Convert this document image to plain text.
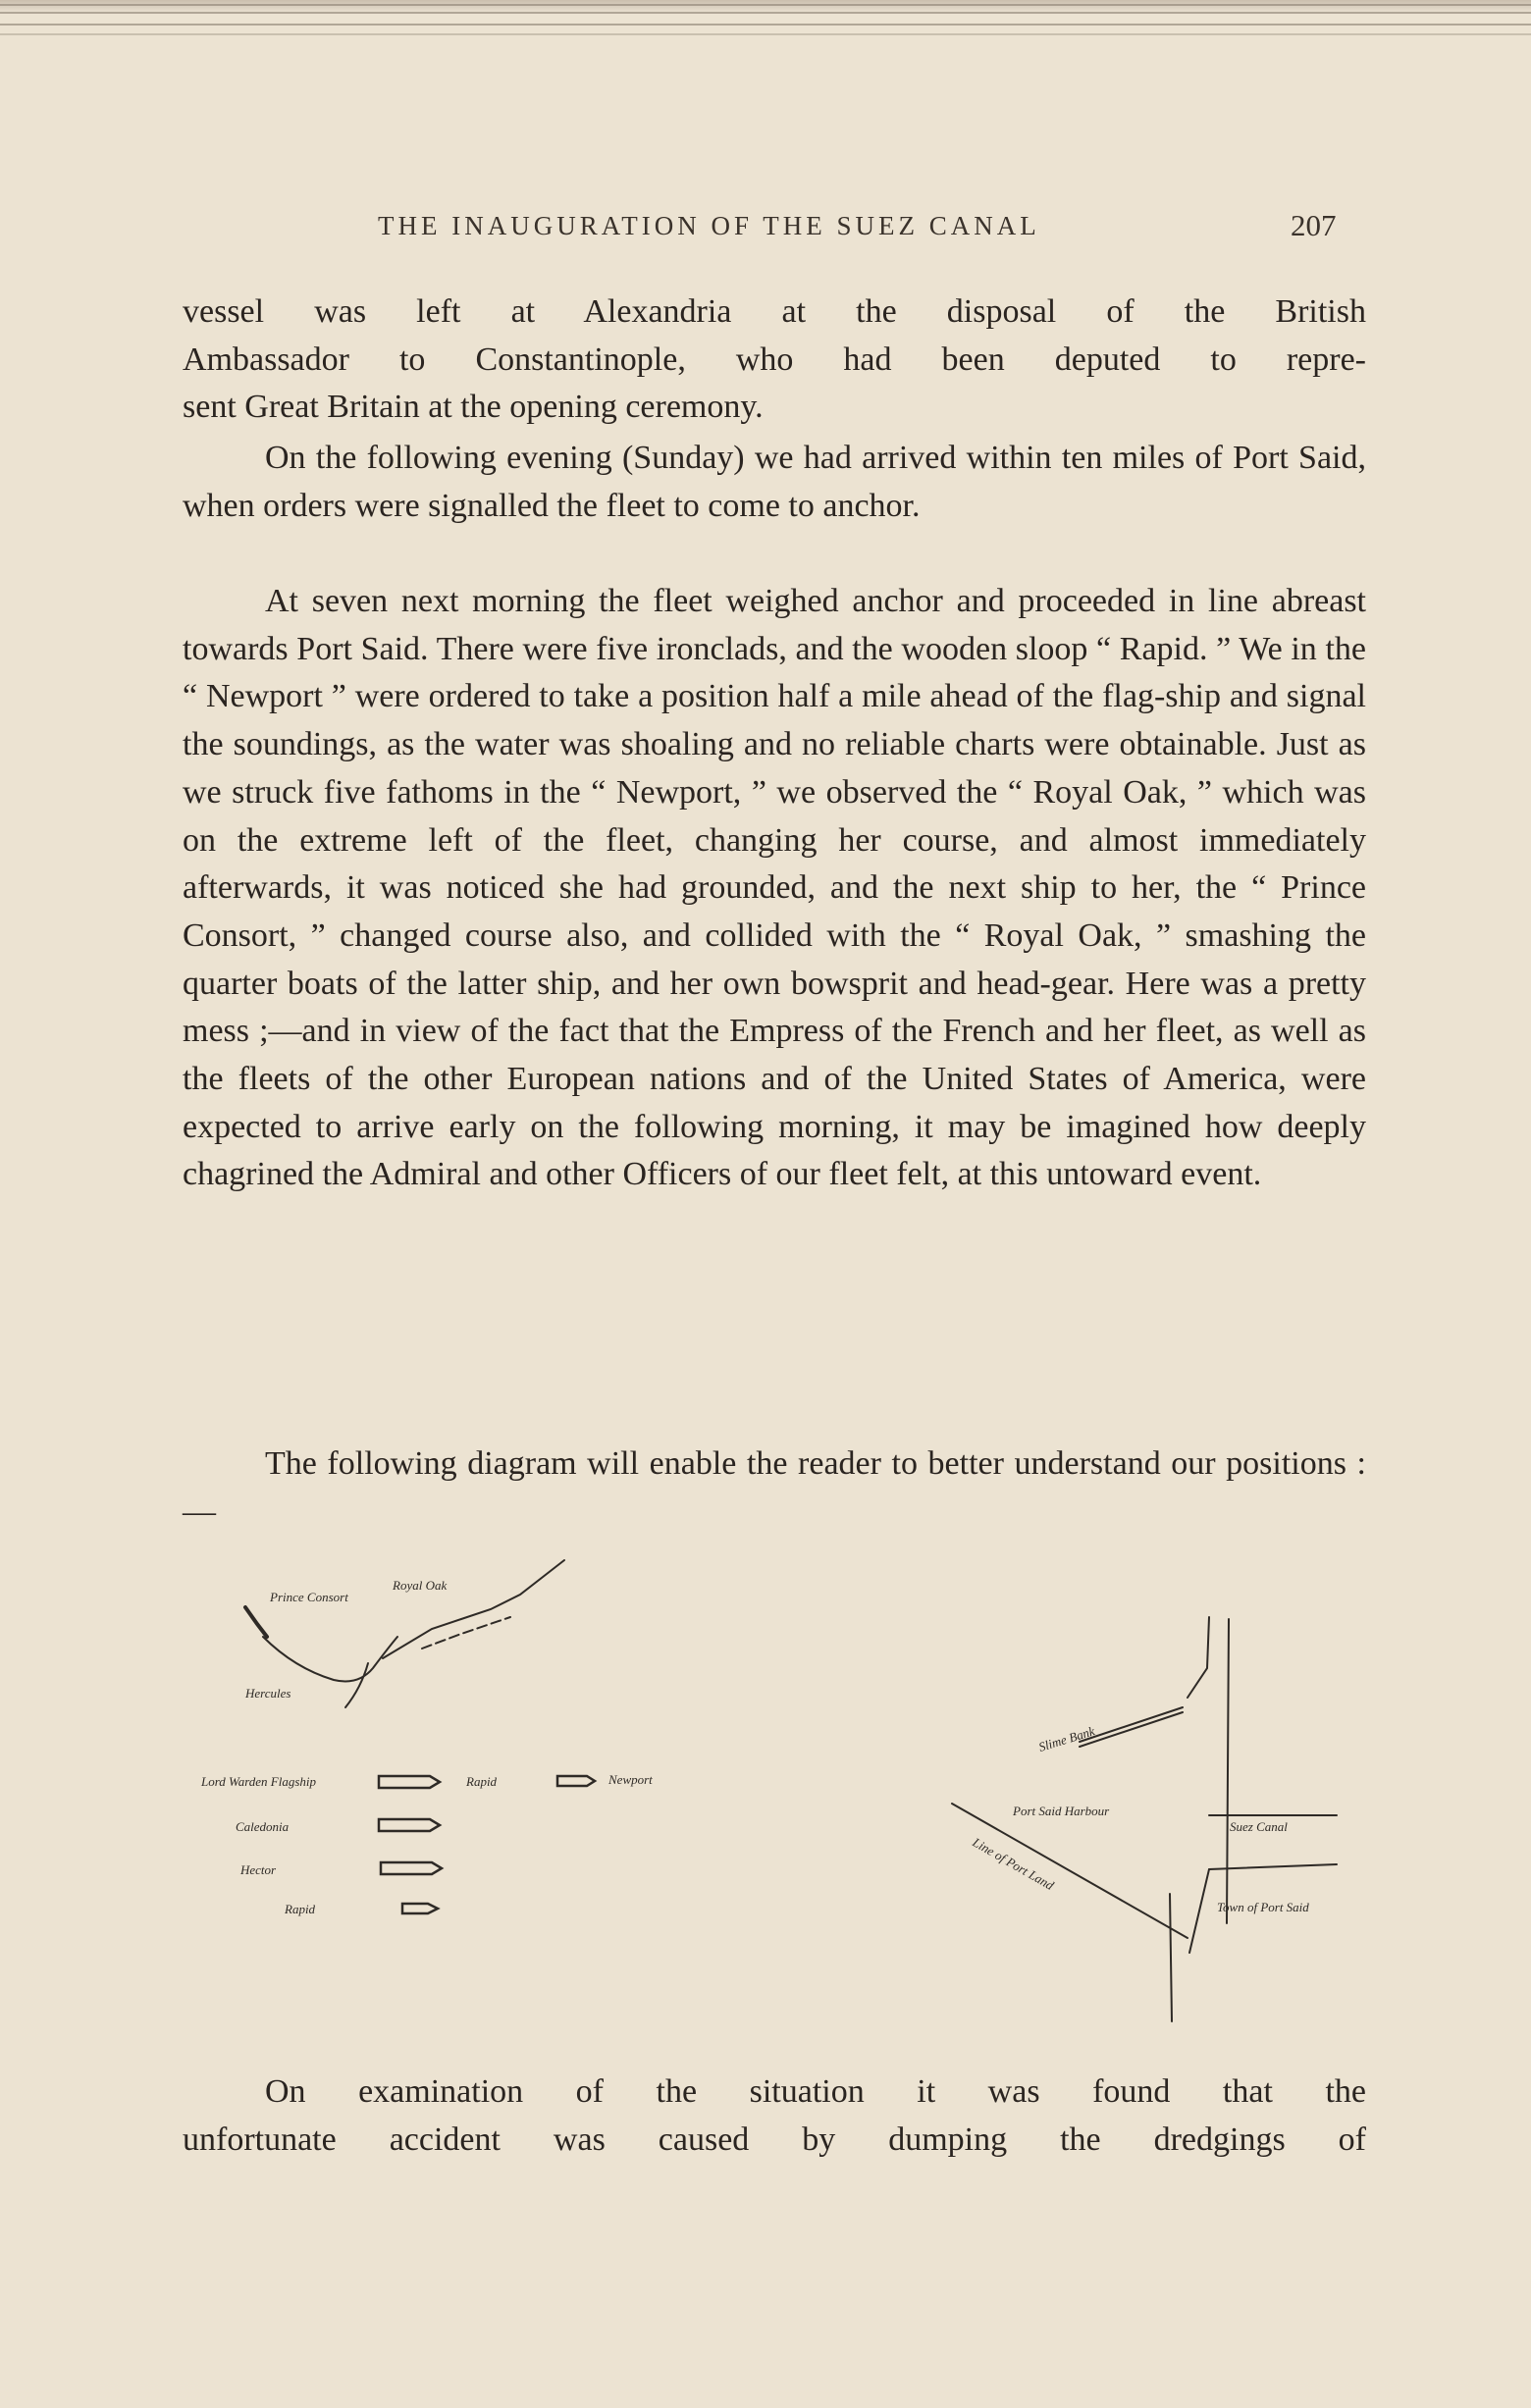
THE INAUGURATION OF THE SUEZ CANAL	207

vessel was left at Alexandria at the disposal of the British

Ambassador to Constantinople, who had been deputed to repre-

sent Great Britain at the opening ceremony.

On the following evening (Sunday) we had arrived within ten miles of Port Said, when orders were signalled the fleet to come to anchor.

At seven next morning the fleet weighed anchor and proceeded in line abreast towards Port Said. There were five ironclads, and the wooden sloop “ Rapid. ” We in the “ Newport ” were ordered to take a position half a mile ahead of the flag-ship and signal the soundings, as the water was shoaling and no reliable charts were obtainable. Just as we struck five fathoms in the “ Newport, ” we observed the “ Royal Oak, ” which was on the extreme left of the fleet, changing her course, and almost immediately afterwards, it was noticed she had grounded, and the next ship to her, the “ Prince Consort, ” changed course also, and collided with the “ Royal Oak, ” smashing the quarter boats of the latter ship, and her own bowsprit and head-gear. Here was a pretty mess ;—and in view of the fact that the Empress of the French and her fleet, as well as the fleets of the other European nations and of the United States of America, were expected to arrive early on the following morning, it may be imagined how deeply chagrined the Admiral and other Officers of our fleet felt, at this untoward event.

The following diagram will enable the reader to better understand our positions :—

Prince Consort
Royal Oak
Hercules
Lord Warden Flagship	Rapid	Newport
Caledonia
Hector
Rapid
Slime Bank
Suez Canal
Port Said Harbour
Line of Port Land
Town of Port Said

On examination of the situation it was found that the

unfortunate accident was caused by dumping the dredgings of
